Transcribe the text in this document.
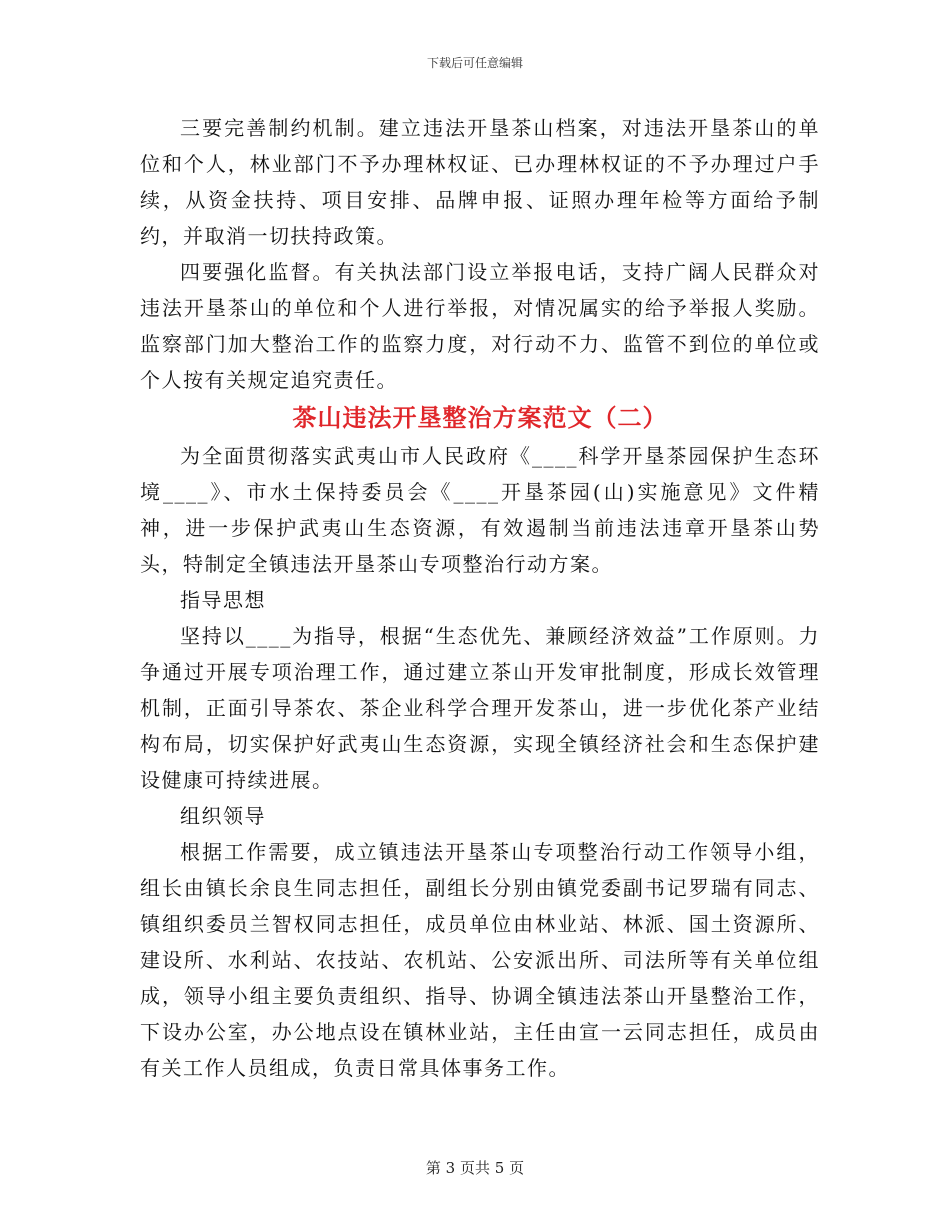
下载后可任意编辑

三要完善制约机制。建立违法开垦茶山档案，对违法开垦茶山的单位和个人，林业部门不予办理林权证、已办理林权证的不予办理过户手续，从资金扶持、项目安排、品牌申报、证照办理年检等方面给予制约，并取消一切扶持政策。

四要强化监督。有关执法部门设立举报电话，支持广阔人民群众对违法开垦茶山的单位和个人进行举报，对情况属实的给予举报人奖励。监察部门加大整治工作的监察力度，对行动不力、监管不到位的单位或个人按有关规定追究责任。

茶山违法开垦整治方案范文（二）

为全面贯彻落实武夷山市人民政府《____科学开垦茶园保护生态环境____》、市水土保持委员会《____开垦茶园(山)实施意见》文件精神，进一步保护武夷山生态资源，有效遏制当前违法违章开垦茶山势头，特制定全镇违法开垦茶山专项整治行动方案。

指导思想

坚持以____为指导，根据“生态优先、兼顾经济效益”工作原则。力争通过开展专项治理工作，通过建立茶山开发审批制度，形成长效管理机制，正面引导茶农、茶企业科学合理开发茶山，进一步优化茶产业结构布局，切实保护好武夷山生态资源，实现全镇经济社会和生态保护建设健康可持续进展。

组织领导

根据工作需要，成立镇违法开垦茶山专项整治行动工作领导小组，组长由镇长余良生同志担任，副组长分别由镇党委副书记罗瑞有同志、镇组织委员兰智权同志担任，成员单位由林业站、林派、国土资源所、建设所、水利站、农技站、农机站、公安派出所、司法所等有关单位组成，领导小组主要负责组织、指导、协调全镇违法茶山开垦整治工作，下设办公室，办公地点设在镇林业站，主任由宣一云同志担任，成员由有关工作人员组成，负责日常具体事务工作。

第 3 页共 5 页
